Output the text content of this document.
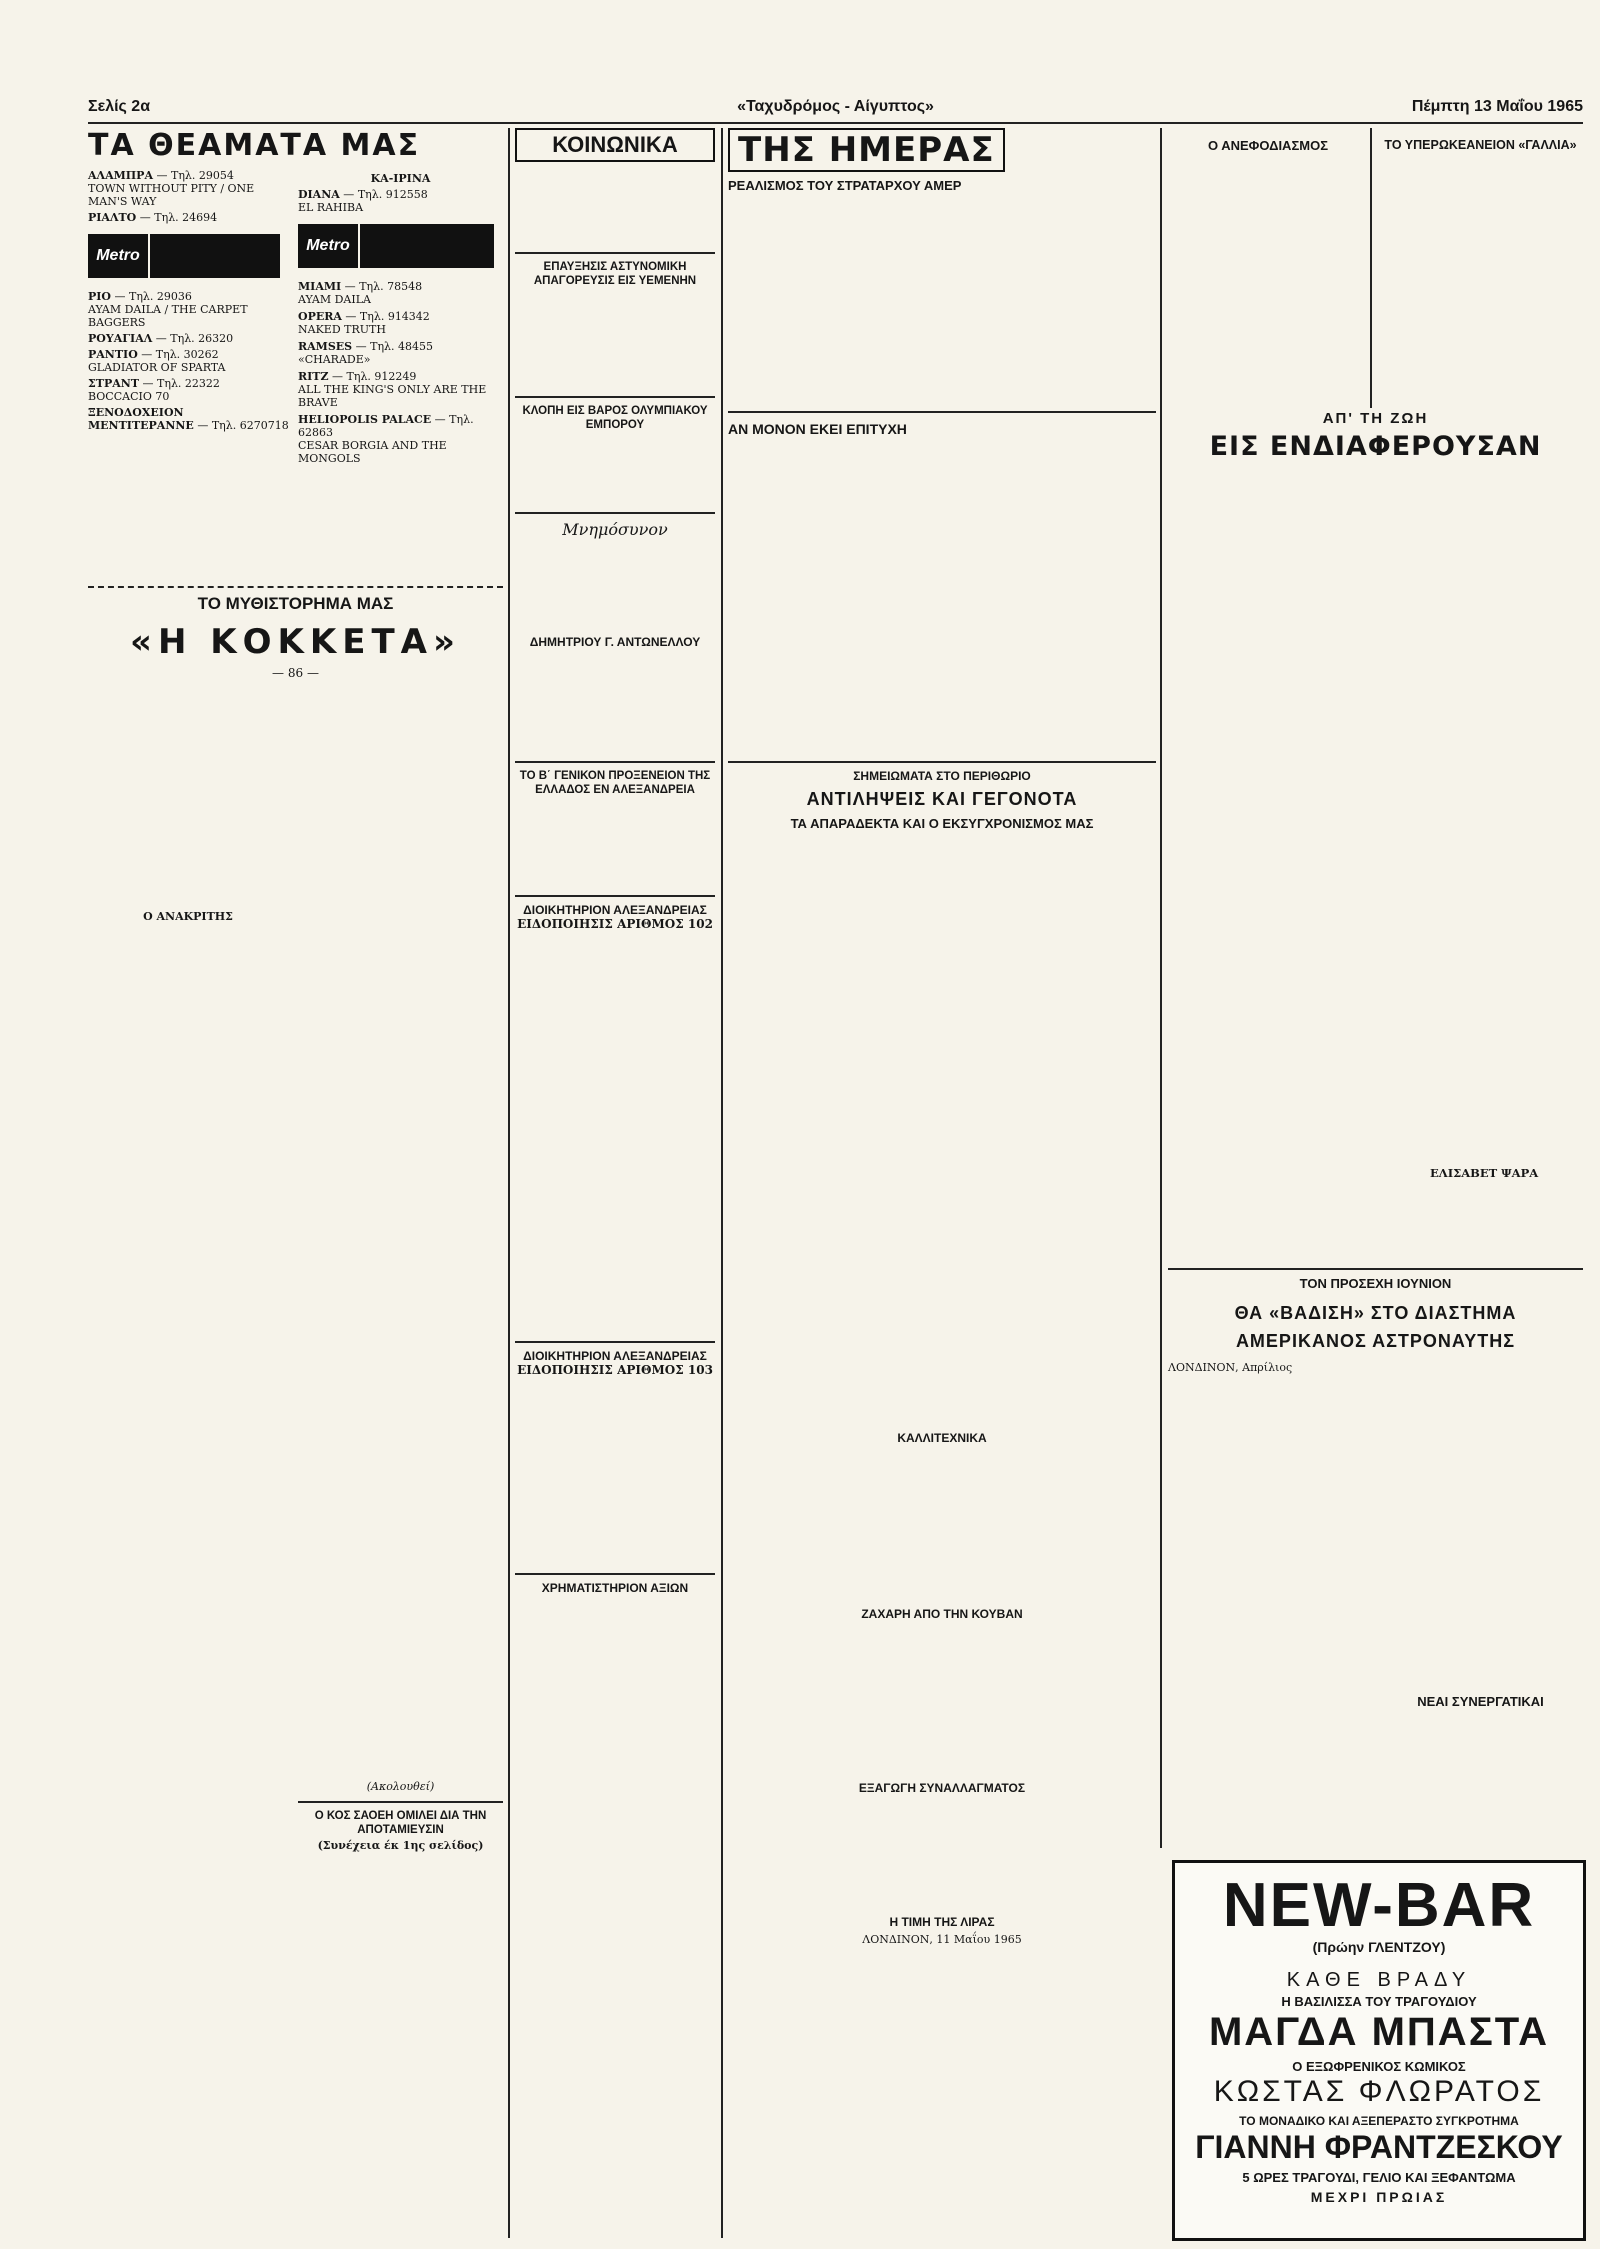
Σελίς 2α	«Ταχυδρόμος - Αίγυπτος»	Πέμπτη 13 Μαΐου 1965
ΤΑ ΘΕΑΜΑΤΑ ΜΑΣ
ΑΛΑΜΠΡΑ — Τηλ. 29054
TOWN WITHOUT PITY / ONE MAN'S WAY
ΡΙΑΛΤΟ — Τηλ. 24694
Metro
ΡΙΟ — Τηλ. 29036
AYAM DAILA / THE CARPET BAGGERS
ΡΟΥΑΓΙΑΛ — Τηλ. 26320
ΡΑΝΤΙΟ — Τηλ. 30262
GLADIATOR OF SPARTA
ΣΤΡΑΝΤ — Τηλ. 22322
BOCCACIO 70
ΞΕΝΟΔΟΧΕΙΟΝ ΜΕΝΤΙΤΕΡΑΝΝΕ — Τηλ. 6270718
ΚΑ-ΙΡΙΝΑ
DIANA — Τηλ. 912558
EL RAHIBA
Metro
ΜΙΑΜΙ — Τηλ. 78548
AYAM DAILA
OPERA — Τηλ. 914342
NAKED TRUTH
RAMSES — Τηλ. 48455
«CHARADE»
RITZ — Τηλ. 912249
ALL THE KING'S ONLY ARE THE BRAVE
HELIOPOLIS PALACE — Τηλ. 62863
CESAR BORGIA AND THE MONGOLS
ΤΟ ΜΥΘΙΣΤΟΡΗΜΑ ΜΑΣ
«Η ΚΟΚΚΕΤΑ»
— 86 —
Ο ΑΝΑΚΡΙΤΗΣ
ΚΟΙΝΩΝΙΚΑ
ΕΠΑΥΞΗΣΙΣ ΑΣΤΥΝΟΜΙΚΗ ΑΠΑΓΟΡΕΥΣΙΣ ΕΙΣ ΥΕΜΕΝΗΝ
ΚΛΟΠΗ ΕΙΣ ΒΑΡΟΣ ΟΛΥΜΠΙΑΚΟΥ ΕΜΠΟΡΟΥ
Μνημόσυνον
ΔΗΜΗΤΡΙΟΥ Γ. ΑΝΤΩΝΕΛΛΟΥ
ΤΟ Β΄ ΓΕΝΙΚΟΝ ΠΡΟΞΕΝΕΙΟΝ ΤΗΣ ΕΛΛΑΔΟΣ ΕΝ ΑΛΕΞΑΝΔΡΕΙΑ
ΔΙΟΙΚΗΤΗΡΙΟΝ ΑΛΕΞΑΝΔΡΕΙΑΣ
ΕΙΔΟΠΟΙΗΣΙΣ ΑΡΙΘΜΟΣ 102
ΔΙΟΙΚΗΤΗΡΙΟΝ ΑΛΕΞΑΝΔΡΕΙΑΣ
ΕΙΔΟΠΟΙΗΣΙΣ ΑΡΙΘΜΟΣ 103
ΧΡΗΜΑΤΙΣΤΗΡΙΟΝ ΑΞΙΩΝ
(Ακολουθεί)
Ο ΚΟΣ ΣΑΟΕΗ ΟΜΙΛΕΙ ΔΙΑ ΤΗΝ ΑΠΟΤΑΜΙΕΥΣΙΝ
(Συνέχεια έκ 1ης σελίδος)
ΤΗΣ ΗΜΕΡΑΣ
ΡΕΑΛΙΣΜΟΣ ΤΟΥ ΣΤΡΑΤΑΡΧΟΥ ΑΜΕΡ
ΑΝ ΜΟΝΟΝ ΕΚΕΙ ΕΠΙΤΥΧΗ
ΣΗΜΕΙΩΜΑΤΑ ΣΤΟ ΠΕΡΙΘΩΡΙΟ
ΑΝΤΙΛΗΨΕΙΣ ΚΑΙ ΓΕΓΟΝΟΤΑ
ΤΑ ΑΠΑΡΑΔΕΚΤΑ ΚΑΙ Ο ΕΚΣΥΓΧΡΟΝΙΣΜΟΣ ΜΑΣ
ΚΑΛΛΙΤΕΧΝΙΚΑ
ΖΑΧΑΡΗ ΑΠΟ ΤΗΝ ΚΟΥΒΑΝ
ΕΞΑΓΩΓΗ ΣΥΝΑΛΛΑΓΜΑΤΟΣ
Η ΤΙΜΗ ΤΗΣ ΛΙΡΑΣ
ΛΟΝΔΙΝΟΝ, 11 Μαΐου 1965
Ο ΑΝΕΦΟΔΙΑΣΜΟΣ	ΤΟ ΥΠΕΡΩΚΕΑΝΕΙΟΝ «ΓΑΛΛΙΑ»
ΑΠ' ΤΗ ΖΩΗ
ΕΙΣ ΕΝΔΙΑΦΕΡΟΥΣΑΝ
ΕΛΙΣΑΒΕΤ ΨΑΡΑ
ΤΟΝ ΠΡΟΣΕΧΗ ΙΟΥΝΙΟΝ
ΘΑ «ΒΑΔΙΣΗ» ΣΤΟ ΔΙΑΣΤΗΜΑ ΑΜΕΡΙΚΑΝΟΣ ΑΣΤΡΟΝΑΥΤΗΣ
ΛΟΝΔΙΝΟΝ, Απρίλιος
ΝΕΑΙ ΣΥΝΕΡΓΑΤΙΚΑΙ
NEW-BAR
(Πρώην ΓΛΕΝΤΖΟΥ)
ΚΑΘΕ ΒΡΑΔΥ
Η ΒΑΣΙΛΙΣΣΑ ΤΟΥ ΤΡΑΓΟΥΔΙΟΥ
ΜΑΓΔΑ ΜΠΑΣΤΑ
Ο ΕΞΩΦΡΕΝΙΚΟΣ ΚΩΜΙΚΟΣ
ΚΩΣΤΑΣ ΦΛΩΡΑΤΟΣ
ΤΟ ΜΟΝΑΔΙΚΟ ΚΑΙ ΑΞΕΠΕΡΑΣΤΟ ΣΥΓΚΡΟΤΗΜΑ
ΓΙΑΝΝΗ ΦΡΑΝΤΖΕΣΚΟΥ
5 ΩΡΕΣ ΤΡΑΓΟΥΔΙ, ΓΕΛΙΟ ΚΑΙ ΞΕΦΑΝΤΩΜΑ
ΜΕΧΡΙ ΠΡΩΙΑΣ
